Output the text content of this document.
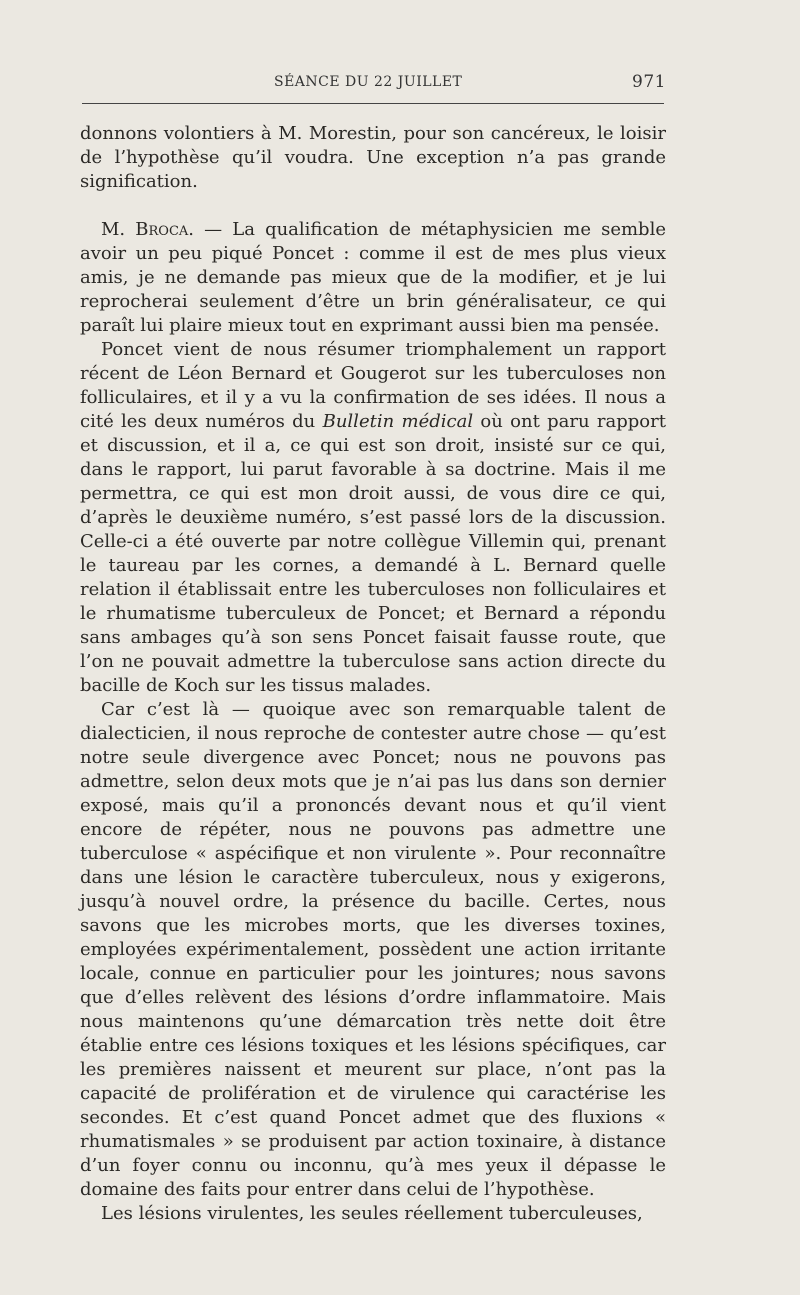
SÉANCE DU 22 JUILLET	971

donnons volontiers à M. Morestin, pour son cancéreux, le loisir de l’hypothèse qu’il voudra. Une exception n’a pas grande signification.

M. Broca. — La qualification de métaphysicien me semble avoir un peu piqué Poncet : comme il est de mes plus vieux amis, je ne demande pas mieux que de la modifier, et je lui reprocherai seulement d’être un brin généralisateur, ce qui paraît lui plaire mieux tout en exprimant aussi bien ma pensée.

Poncet vient de nous résumer triomphalement un rapport récent de Léon Bernard et Gougerot sur les tuberculoses non folliculaires, et il y a vu la confirmation de ses idées. Il nous a cité les deux numéros du Bulletin médical où ont paru rapport et discussion, et il a, ce qui est son droit, insisté sur ce qui, dans le rapport, lui parut favorable à sa doctrine. Mais il me permettra, ce qui est mon droit aussi, de vous dire ce qui, d’après le deuxième numéro, s’est passé lors de la discussion. Celle-ci a été ouverte par notre collègue Villemin qui, prenant le taureau par les cornes, a demandé à L. Bernard quelle relation il établissait entre les tuberculoses non folliculaires et le rhumatisme tuberculeux de Poncet; et Bernard a répondu sans ambages qu’à son sens Poncet faisait fausse route, que l’on ne pouvait admettre la tuberculose sans action directe du bacille de Koch sur les tissus malades.

Car c’est là — quoique avec son remarquable talent de dialecticien, il nous reproche de contester autre chose — qu’est notre seule divergence avec Poncet; nous ne pouvons pas admettre, selon deux mots que je n’ai pas lus dans son dernier exposé, mais qu’il a prononcés devant nous et qu’il vient encore de répéter, nous ne pouvons pas admettre une tuberculose « aspécifique et non virulente ». Pour reconnaître dans une lésion le caractère tuberculeux, nous y exigerons, jusqu’à nouvel ordre, la présence du bacille. Certes, nous savons que les microbes morts, que les diverses toxines, employées expérimentalement, possèdent une action irritante locale, connue en particulier pour les jointures; nous savons que d’elles relèvent des lésions d’ordre inflammatoire. Mais nous maintenons qu’une démarcation très nette doit être établie entre ces lésions toxiques et les lésions spécifiques, car les premières naissent et meurent sur place, n’ont pas la capacité de prolifération et de virulence qui caractérise les secondes. Et c’est quand Poncet admet que des fluxions « rhumatismales » se produisent par action toxinaire, à distance d’un foyer connu ou inconnu, qu’à mes yeux il dépasse le domaine des faits pour entrer dans celui de l’hypothèse.

Les lésions virulentes, les seules réellement tuberculeuses,
